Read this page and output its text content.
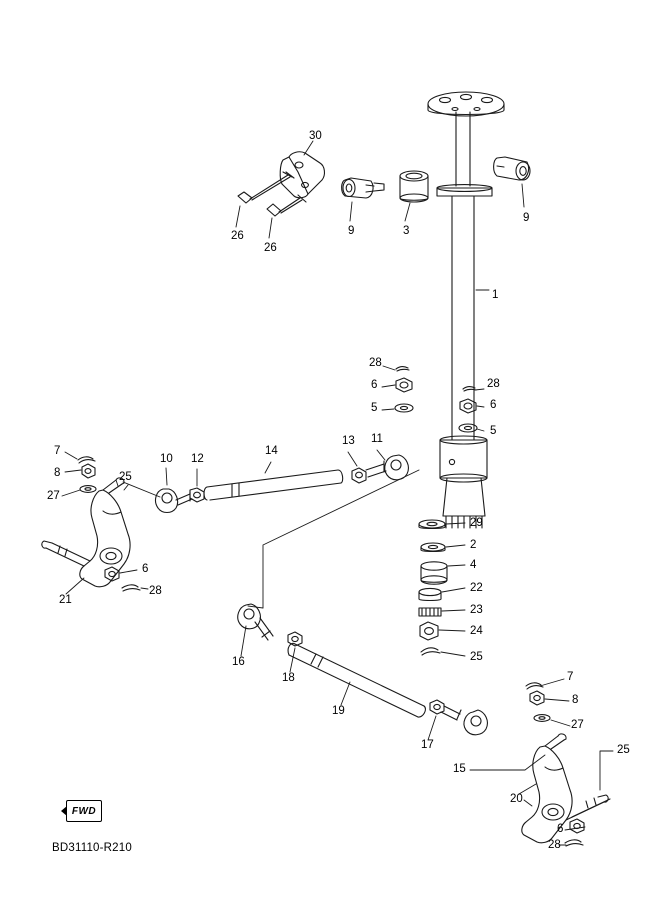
30
26
26
9	3
9
1
28
6
5
28
6
5
7
8	25
27
10 12
14
13 11
29
2
4
22
23
24
25
6
28
21
16
18
19
17
15
7
8
27
25
20
6
28
FWD
BD31110-R210
